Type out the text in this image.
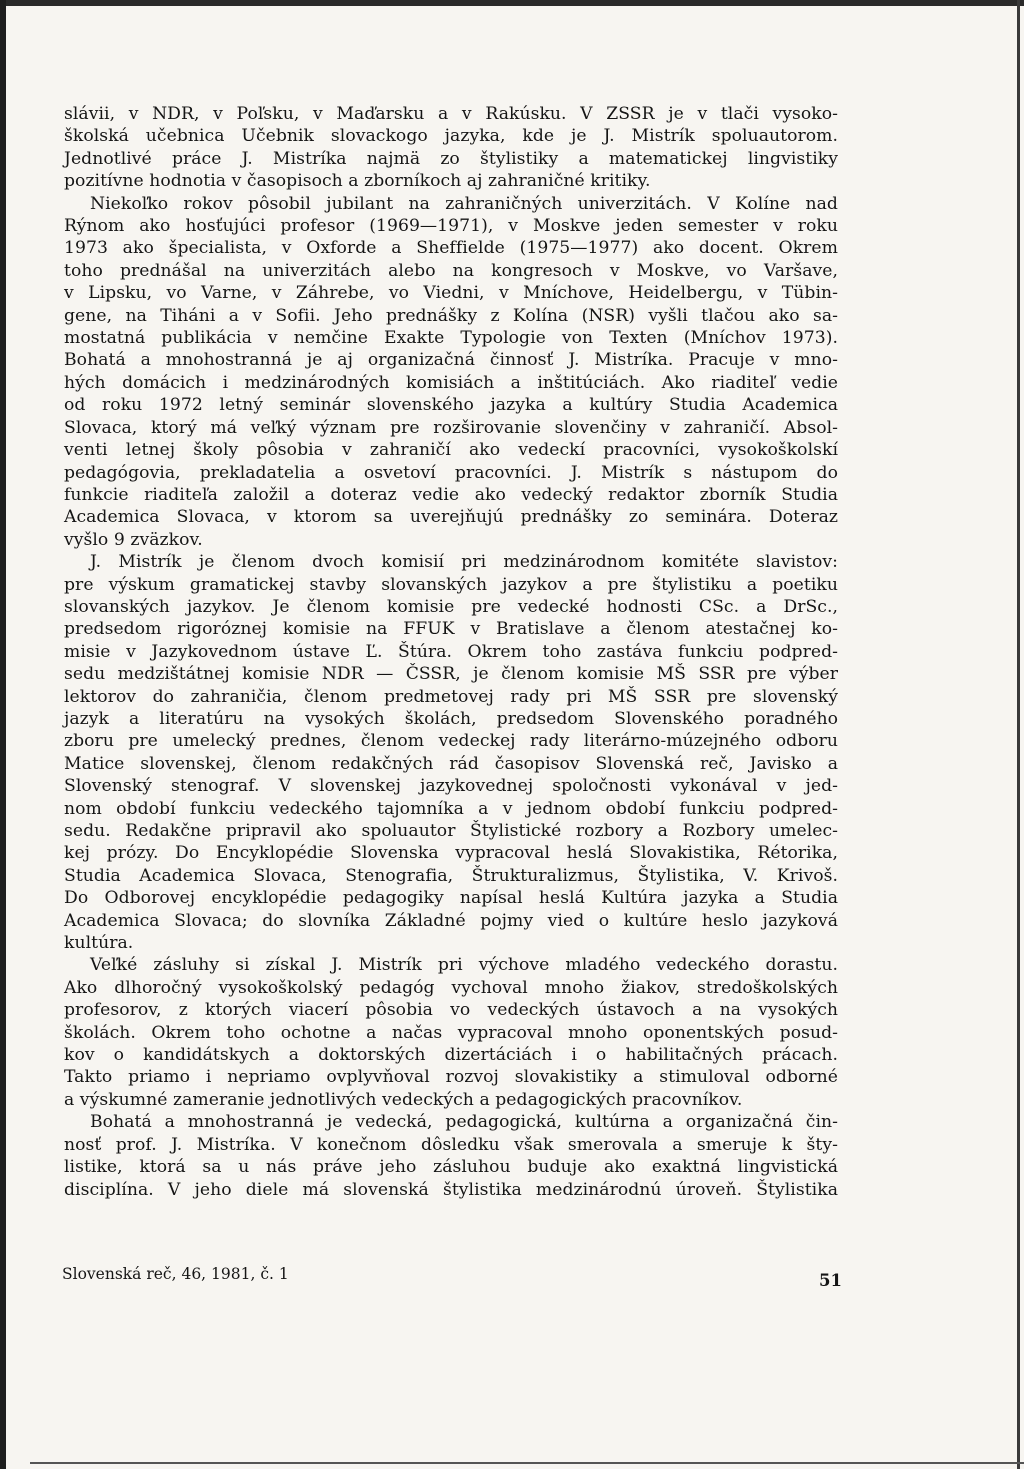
slávii, v NDR, v Poľsku, v Maďarsku a v Rakúsku. V ZSSR je v tlači vysoko-

školská učebnica Učebnik slovackogo jazyka, kde je J. Mistrík spoluautorom.

Jednotlivé práce J. Mistríka najmä zo štylistiky a matematickej lingvistiky

pozitívne hodnotia v časopisoch a zborníkoch aj zahraničné kritiky.

Niekoľko rokov pôsobil jubilant na zahraničných univerzitách. V Kolíne nad

Rýnom ako hosťujúci profesor (1969—1971), v Moskve jeden semester v roku

1973 ako špecialista, v Oxforde a Sheffielde (1975—1977) ako docent. Okrem

toho prednášal na univerzitách alebo na kongresoch v Moskve, vo Varšave,

v Lipsku, vo Varne, v Záhrebe, vo Viedni, v Mníchove, Heidelbergu, v Tübin-

gene, na Tiháni a v Sofii. Jeho prednášky z Kolína (NSR) vyšli tlačou ako sa-

mostatná publikácia v nemčine Exakte Typologie von Texten (Mníchov 1973).

Bohatá a mnohostranná je aj organizačná činnosť J. Mistríka. Pracuje v mno-

hých domácich i medzinárodných komisiách a inštitúciách. Ako riaditeľ vedie

od roku 1972 letný seminár slovenského jazyka a kultúry Studia Academica

Slovaca, ktorý má veľký význam pre rozširovanie slovenčiny v zahraničí. Absol-

venti letnej školy pôsobia v zahraničí ako vedeckí pracovníci, vysokoškolskí

pedagógovia, prekladatelia a osvetoví pracovníci. J. Mistrík s nástupom do

funkcie riaditeľa založil a doteraz vedie ako vedecký redaktor zborník Studia

Academica Slovaca, v ktorom sa uverejňujú prednášky zo seminára. Doteraz

vyšlo 9 zväzkov.

J. Mistrík je členom dvoch komisií pri medzinárodnom komitéte slavistov:

pre výskum gramatickej stavby slovanských jazykov a pre štylistiku a poetiku

slovanských jazykov. Je členom komisie pre vedecké hodnosti CSc. a DrSc.,

predsedom rigoróznej komisie na FFUK v Bratislave a členom atestačnej ko-

misie v Jazykovednom ústave Ľ. Štúra. Okrem toho zastáva funkciu podpred-

sedu medzištátnej komisie NDR — ČSSR, je členom komisie MŠ SSR pre výber

lektorov do zahraničia, členom predmetovej rady pri MŠ SSR pre slovenský

jazyk a literatúru na vysokých školách, predsedom Slovenského poradného

zboru pre umelecký prednes, členom vedeckej rady literárno-múzejného odboru

Matice slovenskej, členom redakčných rád časopisov Slovenská reč, Javisko a

Slovenský stenograf. V slovenskej jazykovednej spoločnosti vykonával v jed-

nom období funkciu vedeckého tajomníka a v jednom období funkciu podpred-

sedu. Redakčne pripravil ako spoluautor Štylistické rozbory a Rozbory umelec-

kej prózy. Do Encyklopédie Slovenska vypracoval heslá Slovakistika, Rétorika,

Studia Academica Slovaca, Stenografia, Štrukturalizmus, Štylistika, V. Krivoš.

Do Odborovej encyklopédie pedagogiky napísal heslá Kultúra jazyka a Studia

Academica Slovaca; do slovníka Základné pojmy vied o kultúre heslo jazyková

kultúra.

Veľké zásluhy si získal J. Mistrík pri výchove mladého vedeckého dorastu.

Ako dlhoročný vysokoškolský pedagóg vychoval mnoho žiakov, stredoškolských

profesorov, z ktorých viacerí pôsobia vo vedeckých ústavoch a na vysokých

školách. Okrem toho ochotne a načas vypracoval mnoho oponentských posud-

kov o kandidátskych a doktorských dizertáciách i o habilitačných prácach.

Takto priamo i nepriamo ovplyvňoval rozvoj slovakistiky a stimuloval odborné

a výskumné zameranie jednotlivých vedeckých a pedagogických pracovníkov.

Bohatá a mnohostranná je vedecká, pedagogická, kultúrna a organizačná čin-

nosť prof. J. Mistríka. V konečnom dôsledku však smerovala a smeruje k šty-

listike, ktorá sa u nás práve jeho zásluhou buduje ako exaktná lingvistická

disciplína. V jeho diele má slovenská štylistika medzinárodnú úroveň. Štylistika

Slovenská reč, 46, 1981, č. 1	51
